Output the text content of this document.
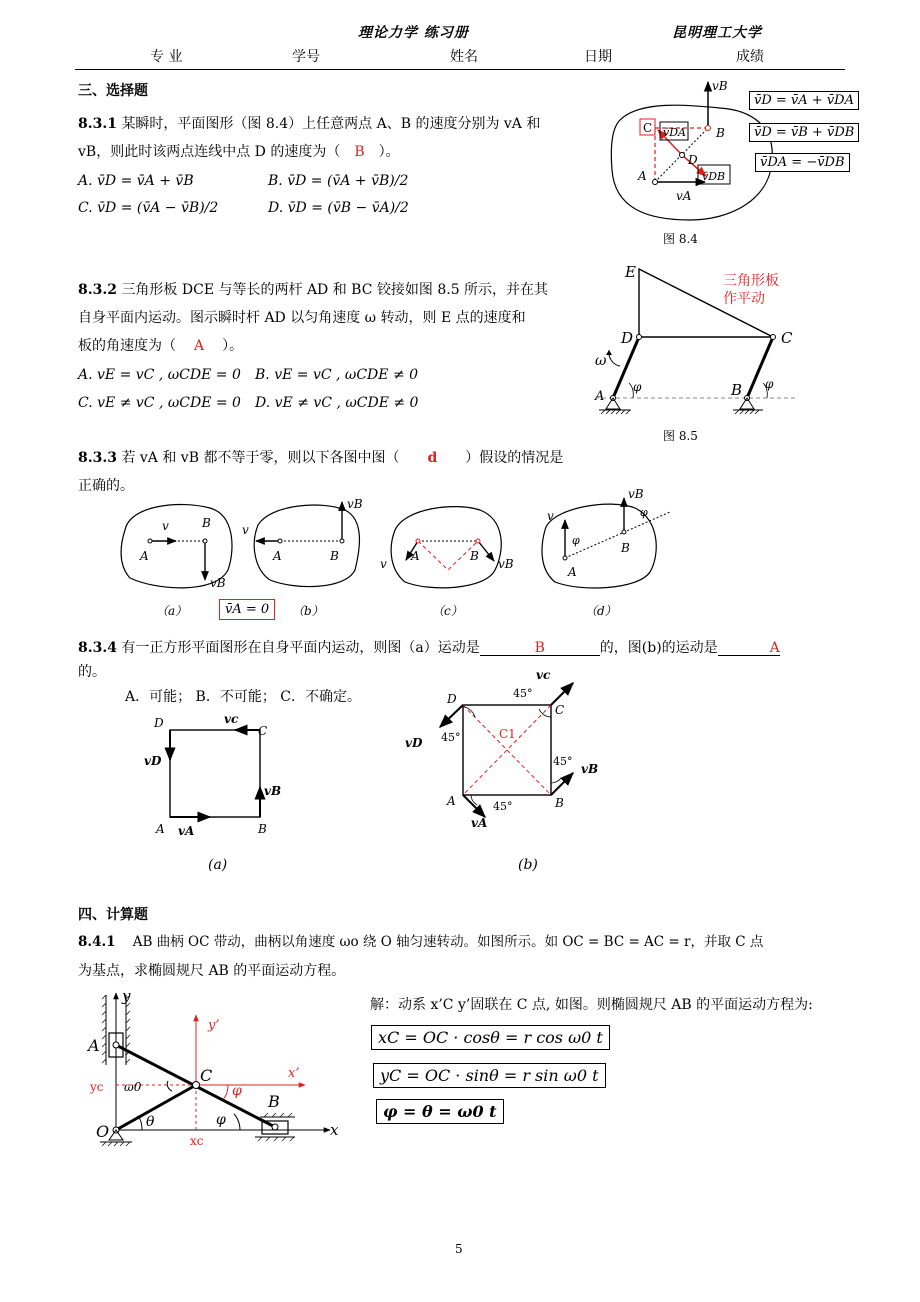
理论力学 练习册	昆明理工大学
专 业	学号	姓名	日期	成绩
三、选择题
8.3.1 某瞬时，平面图形（图 8.4）上任意两点 A、B 的速度分别为 vA 和
vB，则此时该两点连线中点 D 的速度为（ B ）。
A. v̄D = v̄A + v̄B	B. v̄D = (v̄A + v̄B)/2
C. v̄D = (v̄A − v̄B)/2	D. v̄D = (v̄B − v̄A)/2
vB
C v̄DA	B
D
A	v̄DB
vA
v̄D = v̄A + v̄DA
v̄D = v̄B + v̄DB
v̄DA = −v̄DB
图 8.4
8.3.2 三角形板 DCE 与等长的两杆 AD 和 BC 铰接如图 8.5 所示，并在其
自身平面内运动。图示瞬时杆 AD 以匀角速度 ω 转动，则 E 点的速度和
板的角速度为（ A ）。
A. vE = vC , ωCDE = 0 B. vE = vC , ωCDE ≠ 0
C. vE ≠ vC , ωCDE = 0 D. vE ≠ vC , ωCDE ≠ 0
E
D	C
A	B
ω
φ	φ
三角形板
作平动
图 8.5
8.3.3 若 vA 和 vB 都不等于零，则以下各图中图（ d ）假设的情况是
正确的。
v
A
B
vB
v
A	B
vB
v
A	B
vB
v
A
B
vB
φ
φ
（a）	v̄A = 0	（b）	（c）	（d）
8.3.4 有一正方形平面图形在自身平面内运动，则图（a）运动是	B	的，图(b)的运动是	A
的。
A．可能； B．不可能； C．不确定。
D
C
A	B
vc
vD
vB
vA
(a)
D
C
A	B
C1
vc
vD
vB
vA
45°
45°
45°
45°
(b)
四、计算题
8.4.1 AB 曲柄 OC 带动，曲柄以角速度 ωo 绕 O 轴匀速转动。如图所示。如 OC = BC = AC = r，并取 C 点
为基点，求椭圆规尺 AB 的平面运动方程。
y
x
A
C
B
O
y’
x’
yc
xc
ω0
θ
φ
φ
解：动系 x’C y’固联在 C 点, 如图。则椭圆规尺 AB 的平面运动方程为:
xC = OC · cosθ = r cos ω0 t
yC = OC · sinθ = r sin ω0 t
φ = θ = ω0 t
5
